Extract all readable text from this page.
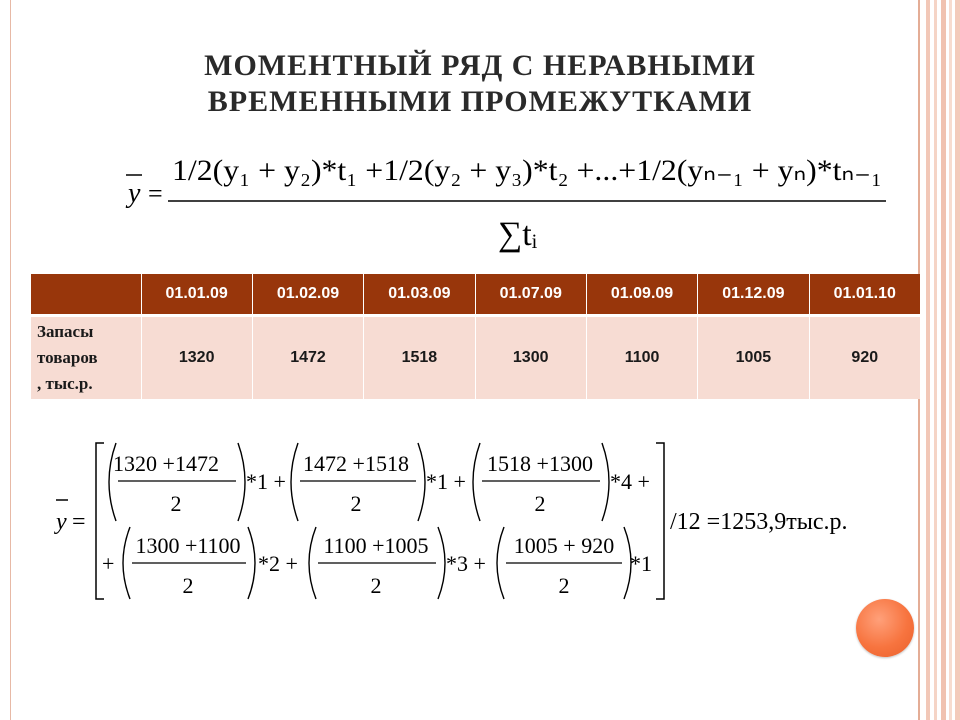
МОМЕНТНЫЙ РЯД С НЕРАВНЫМИ
ВРЕМЕННЫМИ ПРОМЕЖУТКАМИ
y =
1/2(y₁ + y₂)*t₁ +1/2(y₂ + y₃)*t₂ +...+1/2(yₙ₋₁ + yₙ)*tₙ₋₁
∑tᵢ
	01.01.09	01.02.09	01.03.09	01.07.09	01.09.09	01.12.09	01.01.10

Запасы
товаров
, тыс.р.	1320	1472	1518	1300	1100	1005	920
y =
1320 +1472
2
*1 +
1472 +1518
2
*1 +
1518 +1300
2
*4 +
+
1300 +1100
2
*2 +
1100 +1005
2
*3 +
1005 + 920
2
*1
/12 =1253,9тыс.р.
